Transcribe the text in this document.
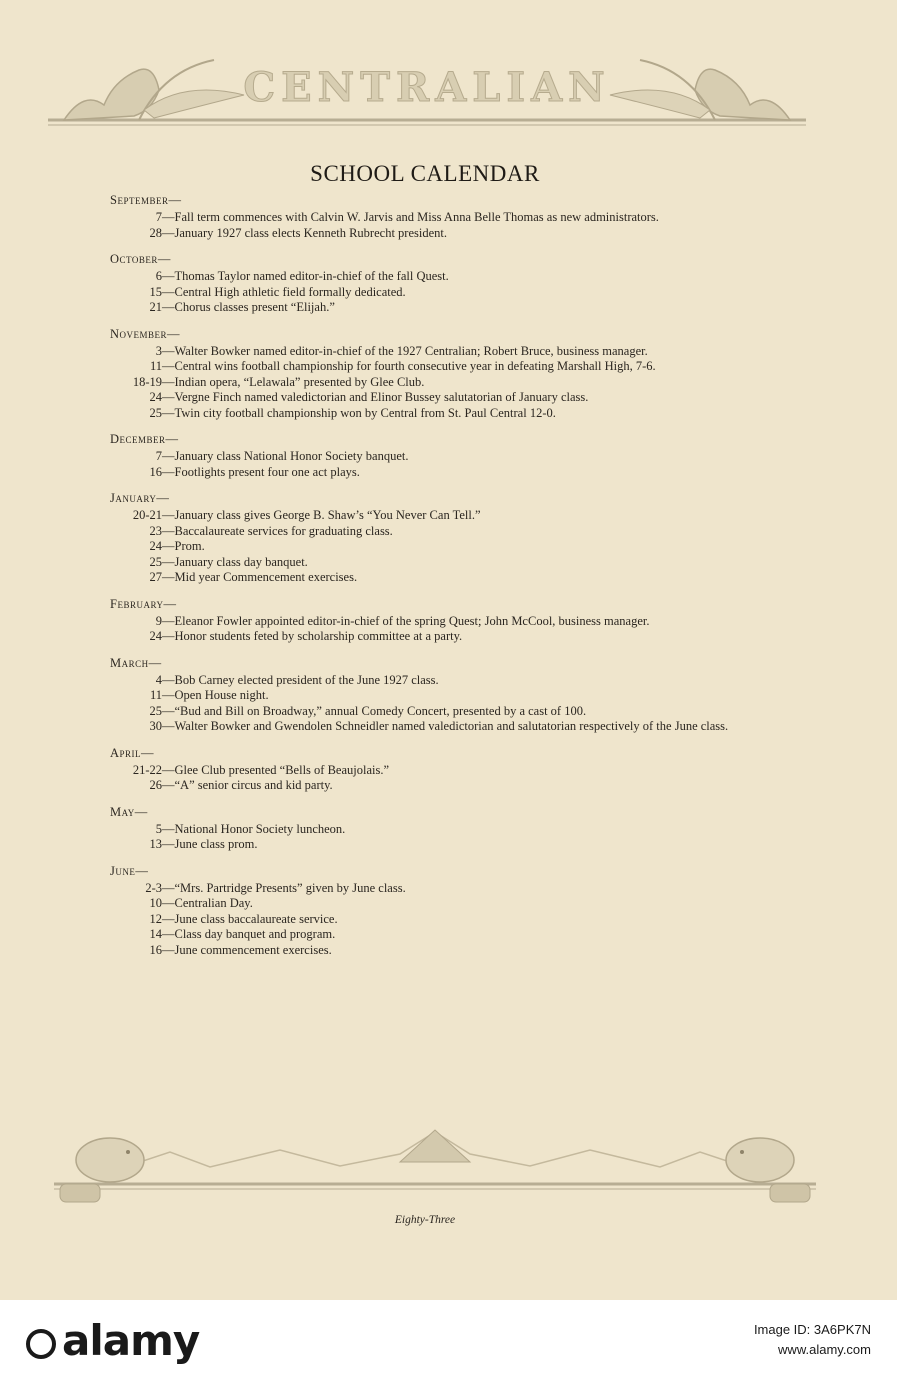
CENTRALIAN
SCHOOL CALENDAR
September—
7 — Fall term commences with Calvin W. Jarvis and Miss Anna Belle Thomas as new administrators.
28 — January 1927 class elects Kenneth Rubrecht president.
October—
6 — Thomas Taylor named editor-in-chief of the fall Quest.
15 — Central High athletic field formally dedicated.
21 — Chorus classes present “Elijah.”
November—
3 — Walter Bowker named editor-in-chief of the 1927 Centralian; Robert Bruce, business manager.
11 — Central wins football championship for fourth consecutive year in defeating Marshall High, 7-6.
18-19 — Indian opera, “Lelawala” presented by Glee Club.
24 — Vergne Finch named valedictorian and Elinor Bussey salutatorian of January class.
25 — Twin city football championship won by Central from St. Paul Central 12-0.
December—
7 — January class National Honor Society banquet.
16 — Footlights present four one act plays.
January—
20-21 — January class gives George B. Shaw’s “You Never Can Tell.”
23 — Baccalaureate services for graduating class.
24 — Prom.
25 — January class day banquet.
27 — Mid year Commencement exercises.
February—
9 — Eleanor Fowler appointed editor-in-chief of the spring Quest; John McCool, business manager.
24 — Honor students feted by scholarship committee at a party.
March—
4 — Bob Carney elected president of the June 1927 class.
11 — Open House night.
25 — “Bud and Bill on Broadway,” annual Comedy Concert, presented by a cast of 100.
30 — Walter Bowker and Gwendolen Schneidler named valedictorian and salutatorian respectively of the June class.
April—
21-22 — Glee Club presented “Bells of Beaujolais.”
26 — “A” senior circus and kid party.
May—
5 — National Honor Society luncheon.
13 — June class prom.
June—
2-3 — “Mrs. Partridge Presents” given by June class.
10 — Centralian Day.
12 — June class baccalaureate service.
14 — Class day banquet and program.
16 — June commencement exercises.
Eighty-Three
alamy	Image ID: 3A6PK7N
www.alamy.com
